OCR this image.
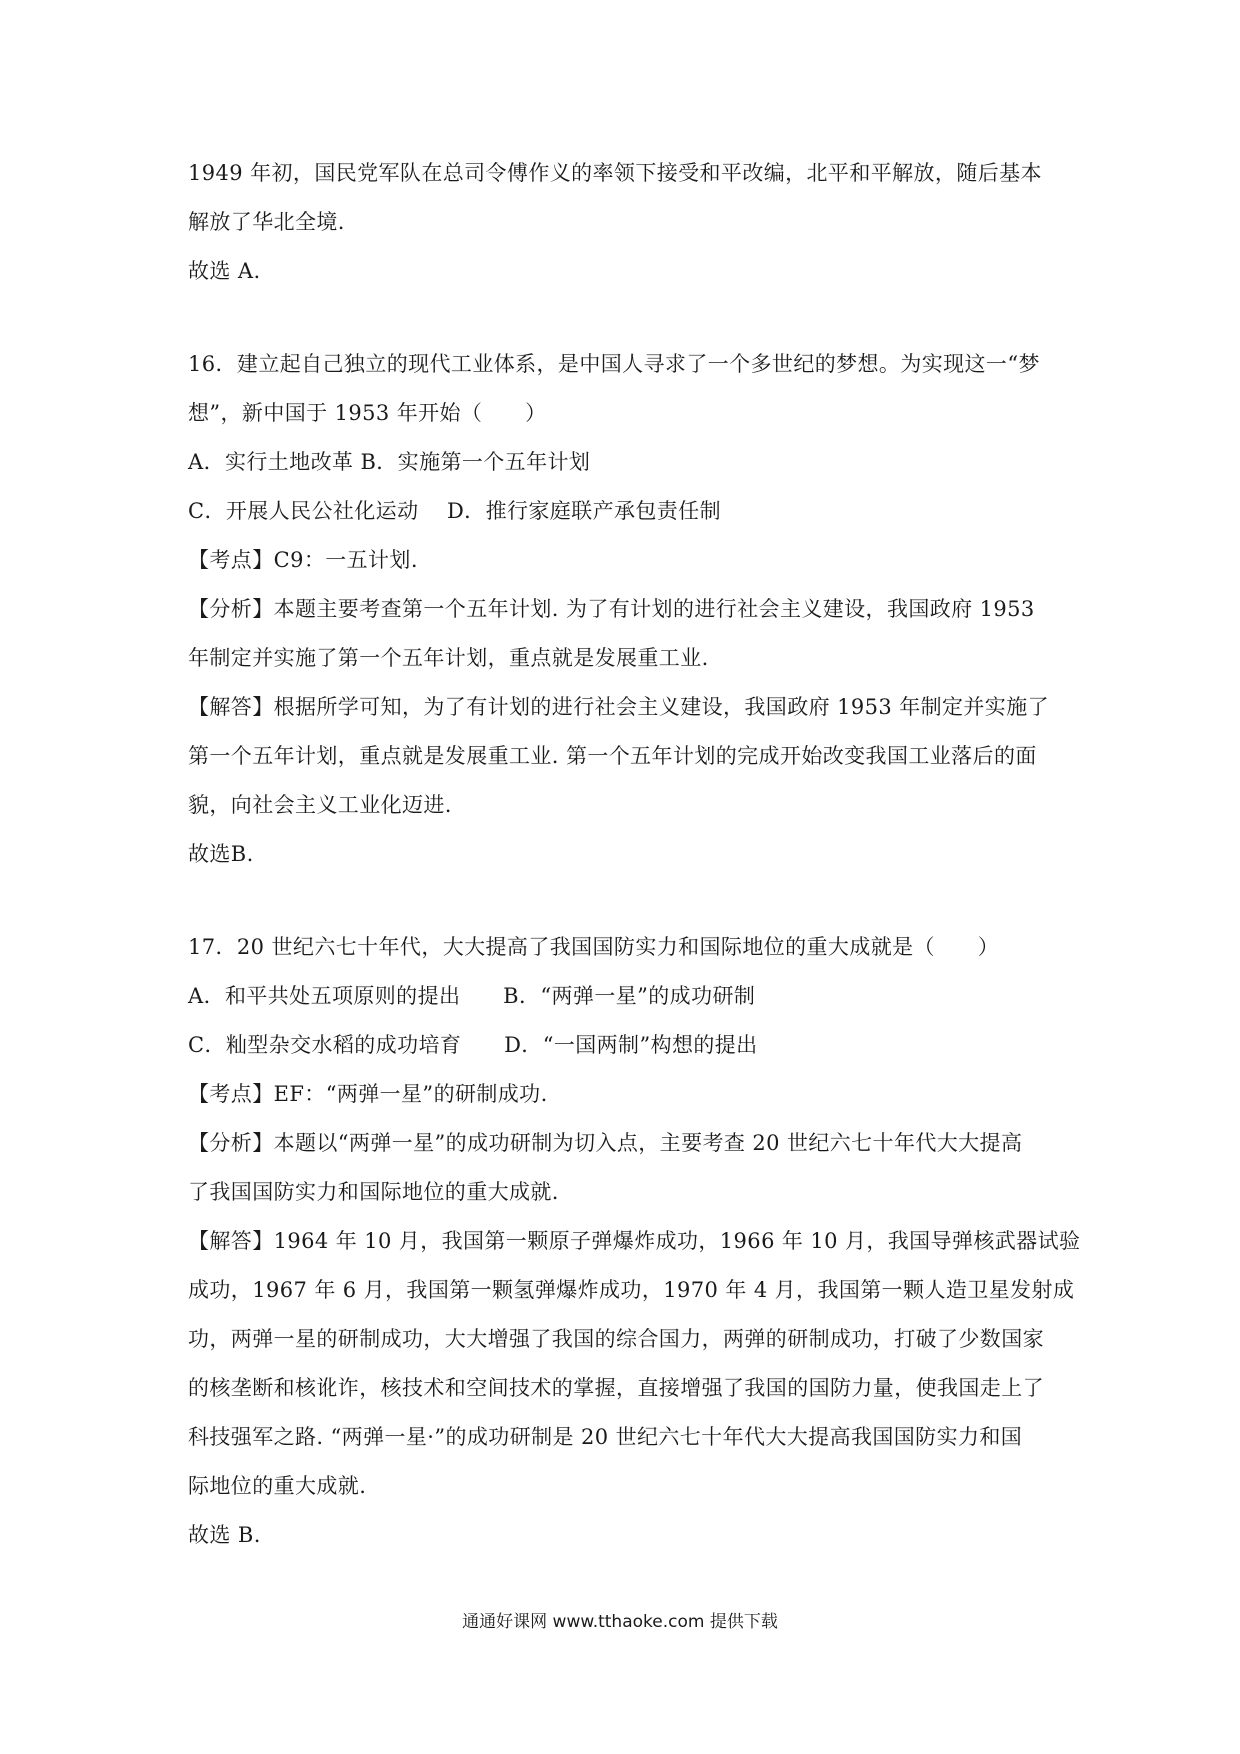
1949 年初，国民党军队在总司令傅作义的率领下接受和平改编，北平和平解放，随后基本
解放了华北全境.
故选 A.
16．建立起自己独立的现代工业体系，是中国人寻求了一个多世纪的梦想。为实现这一“梦
想”，新中国于 1953 年开始（　　）
A．实行土地改革 B．实施第一个五年计划
C．开展人民公社化运动　 D．推行家庭联产承包责任制
【考点】C9：一五计划.
【分析】本题主要考查第一个五年计划. 为了有计划的进行社会主义建设，我国政府 1953
年制定并实施了第一个五年计划，重点就是发展重工业.
【解答】根据所学可知，为了有计划的进行社会主义建设，我国政府 1953 年制定并实施了
第一个五年计划，重点就是发展重工业. 第一个五年计划的完成开始改变我国工业落后的面
貌，向社会主义工业化迈进.
故选B.
17．20 世纪六七十年代，大大提高了我国国防实力和国际地位的重大成就是（　　）
A．和平共处五项原则的提出　　B．“两弹一星”的成功研制
C．籼型杂交水稻的成功培育　　D．“一国两制”构想的提出
【考点】EF：“两弹一星”的研制成功.
【分析】本题以“两弹一星”的成功研制为切入点，主要考查 20 世纪六七十年代大大提高
了我国国防实力和国际地位的重大成就.
【解答】1964 年 10 月，我国第一颗原子弹爆炸成功，1966 年 10 月，我国导弹核武器试验
成功，1967 年 6 月，我国第一颗氢弹爆炸成功，1970 年 4 月，我国第一颗人造卫星发射成
功，两弹一星的研制成功，大大增强了我国的综合国力，两弹的研制成功，打破了少数国家
的核垄断和核讹诈，核技术和空间技术的掌握，直接增强了我国的国防力量，使我国走上了
科技强军之路. “两弹一星·”的成功研制是 20 世纪六七十年代大大提高我国国防实力和国
际地位的重大成就.
故选 B.
通通好课网 www.tthaoke.com 提供下载
